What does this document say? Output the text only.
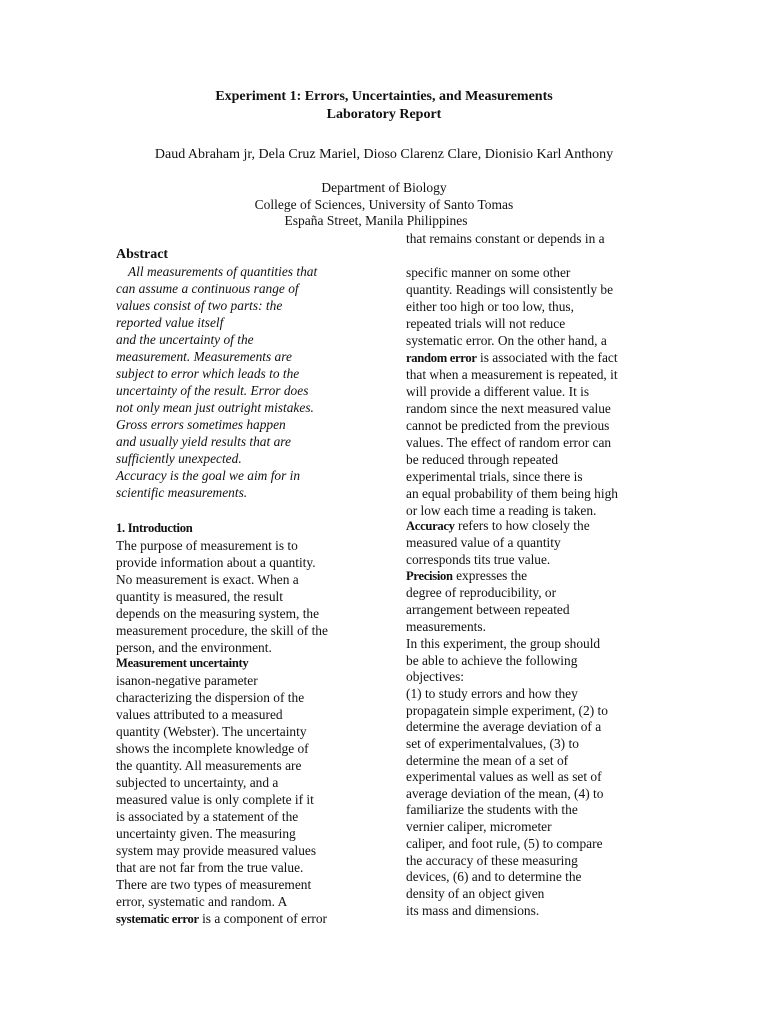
Experiment 1: Errors, Uncertainties, and Measurements
Laboratory Report
Daud Abraham jr, Dela Cruz Mariel, Dioso Clarenz Clare, Dionisio Karl Anthony
Department of Biology
College of Sciences, University of Santo Tomas
España Street, Manila Philippines
Abstract
All measurements of quantities that
can assume a continuous range of
values consist of two parts: the
reported value itself
and the uncertainty of the
measurement. Measurements are
subject to error which leads to the
uncertainty of the result. Error does
not only mean just outright mistakes.
Gross errors sometimes happen
and usually yield results that are
sufficiently unexpected.
Accuracy is the goal we aim for in
scientific measurements.
1. Introduction
The purpose of measurement is to
provide information about a quantity.
No measurement is exact. When a
quantity is measured, the result
depends on the measuring system, the
measurement procedure, the skill of the
person, and the environment.
Measurement uncertainty
isanon-negative parameter
characterizing the dispersion of the
values attributed to a measured
quantity (Webster). The uncertainty
shows the incomplete knowledge of
the quantity. All measurements are
subjected to uncertainty, and a
measured value is only complete if it
is associated by a statement of the
uncertainty given. The measuring
system may provide measured values
that are not far from the true value.
There are two types of measurement
error, systematic and random. A
systematic error is a component of error
that remains constant or depends in a
specific manner on some other
quantity. Readings will consistently be
either too high or too low, thus,
repeated trials will not reduce
systematic error. On the other hand, a
random error is associated with the fact
that when a measurement is repeated, it
will provide a different value. It is
random since the next measured value
cannot be predicted from the previous
values. The effect of random error can
be reduced through repeated
experimental trials, since there is
an equal probability of them being high
or low each time a reading is taken.
Accuracy refers to how closely the
measured value of a quantity
corresponds tits true value.
Precision expresses the
degree of reproducibility, or
arrangement between repeated
measurements.
In this experiment, the group should
be able to achieve the following
objectives:
(1) to study errors and how they
propagatein simple experiment, (2) to
determine the average deviation of a
set of experimentalvalues, (3) to
determine the mean of a set of
experimental values as well as set of
average deviation of the mean, (4) to
familiarize the students with the
vernier caliper, micrometer
caliper, and foot rule, (5) to compare
the accuracy of these measuring
devices, (6) and to determine the
density of an object given
its mass and dimensions.
